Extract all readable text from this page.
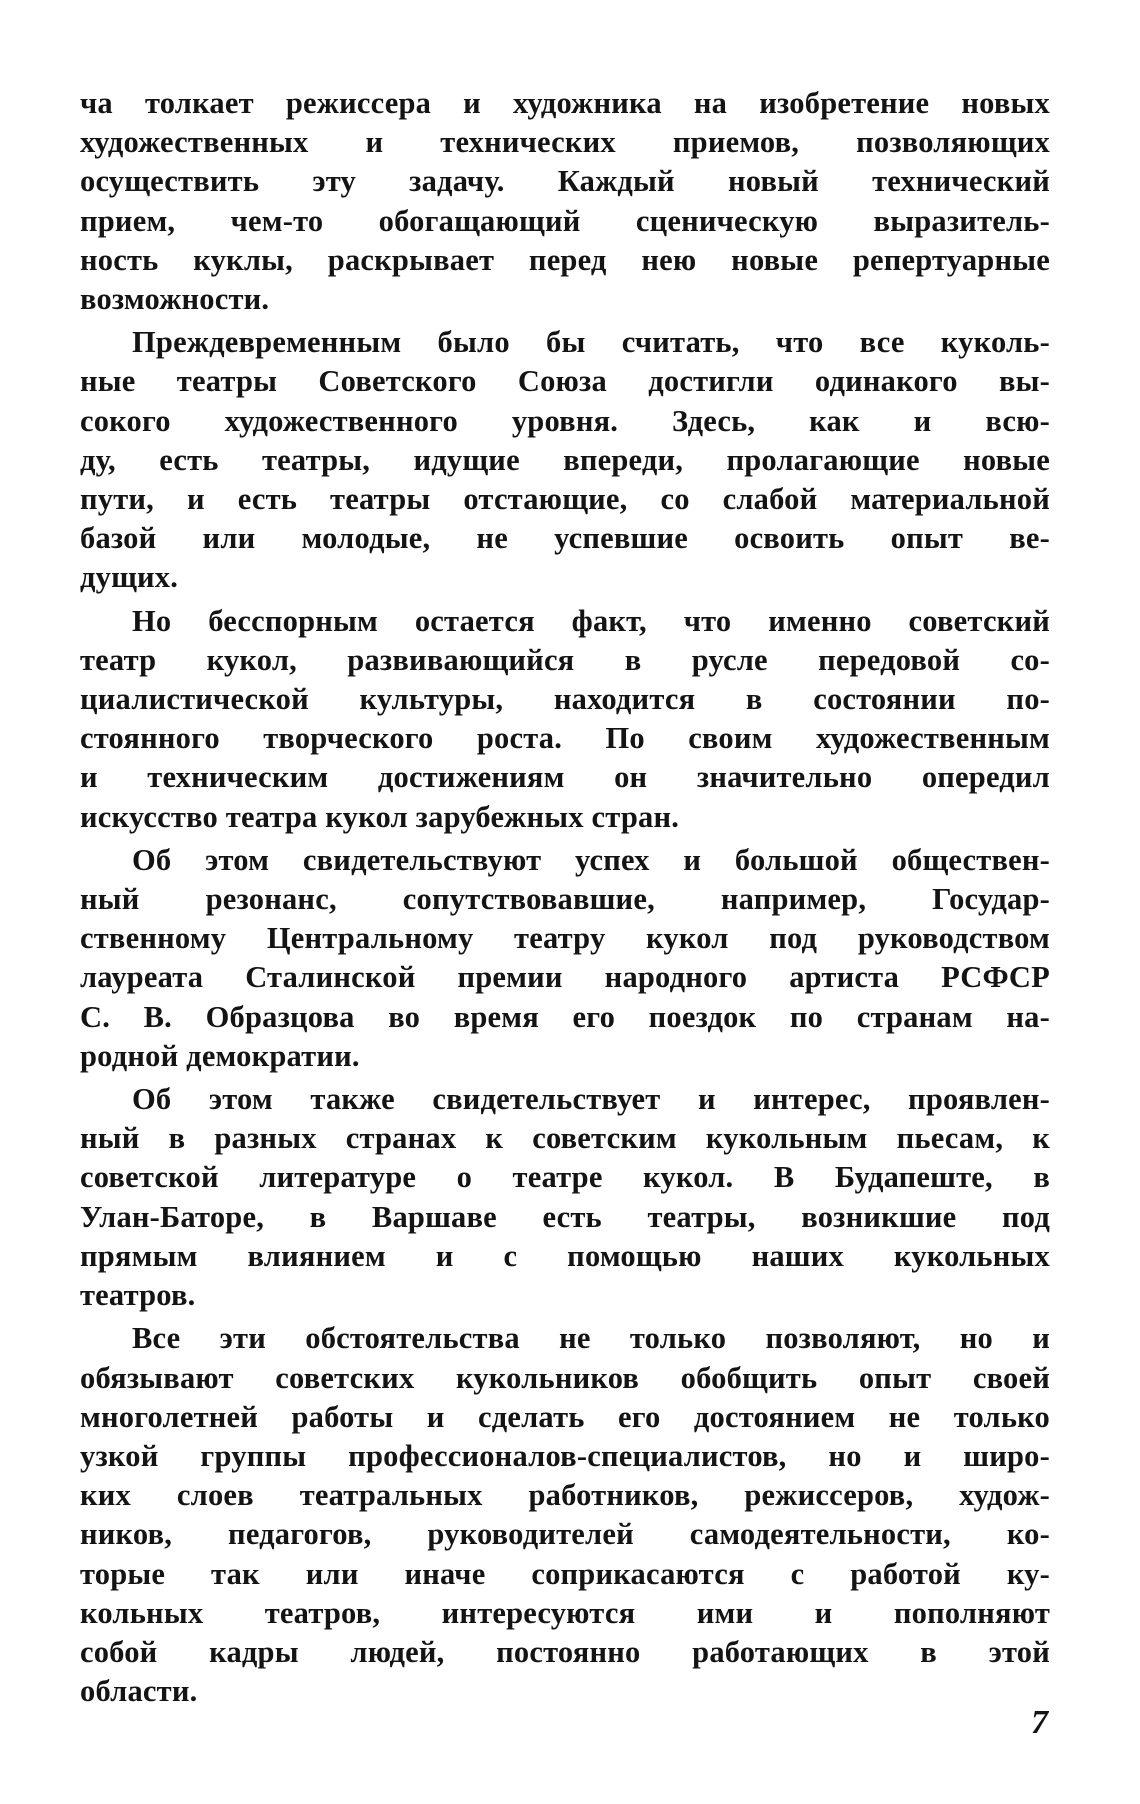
ча толкает режиссера и художника на изобретение новых
художественных и технических приемов, позволяющих
осуществить эту задачу. Каждый новый технический
прием, чем-то обогащающий сценическую выразитель-
ность куклы, раскрывает перед нею новые репертуарные
возможности.

Преждевременным было бы считать, что все куколь-
ные театры Советского Союза достигли одинакого вы-
сокого художественного уровня. Здесь, как и всю-
ду, есть театры, идущие впереди, пролагающие новые
пути, и есть театры отстающие, со слабой материальной
базой или молодые, не успевшие освоить опыт ве-
дущих.

Но бесспорным остается факт, что именно советский
театр кукол, развивающийся в русле передовой со-
циалистической культуры, находится в состоянии по-
стоянного творческого роста. По своим художественным
и техническим достижениям он значительно опередил
искусство театра кукол зарубежных стран.

Об этом свидетельствуют успех и большой обществен-
ный резонанс, сопутствовавшие, например, Государ-
ственному Центральному театру кукол под руководством
лауреата Сталинской премии народного артиста РСФСР
С. В. Образцова во время его поездок по странам на-
родной демократии.

Об этом также свидетельствует и интерес, проявлен-
ный в разных странах к советским кукольным пьесам, к
советской литературе о театре кукол. В Будапеште, в
Улан-Баторе, в Варшаве есть театры, возникшие под
прямым влиянием и с помощью наших кукольных
театров.

Все эти обстоятельства не только позволяют, но и
обязывают советских кукольников обобщить опыт своей
многолетней работы и сделать его достоянием не только
узкой группы профессионалов-специалистов, но и широ-
ких слоев театральных работников, режиссеров, худож-
ников, педагогов, руководителей самодеятельности, ко-
торые так или иначе соприкасаются с работой ку-
кольных театров, интересуются ими и пополняют
собой кадры людей, постоянно работающих в этой
области.

7
